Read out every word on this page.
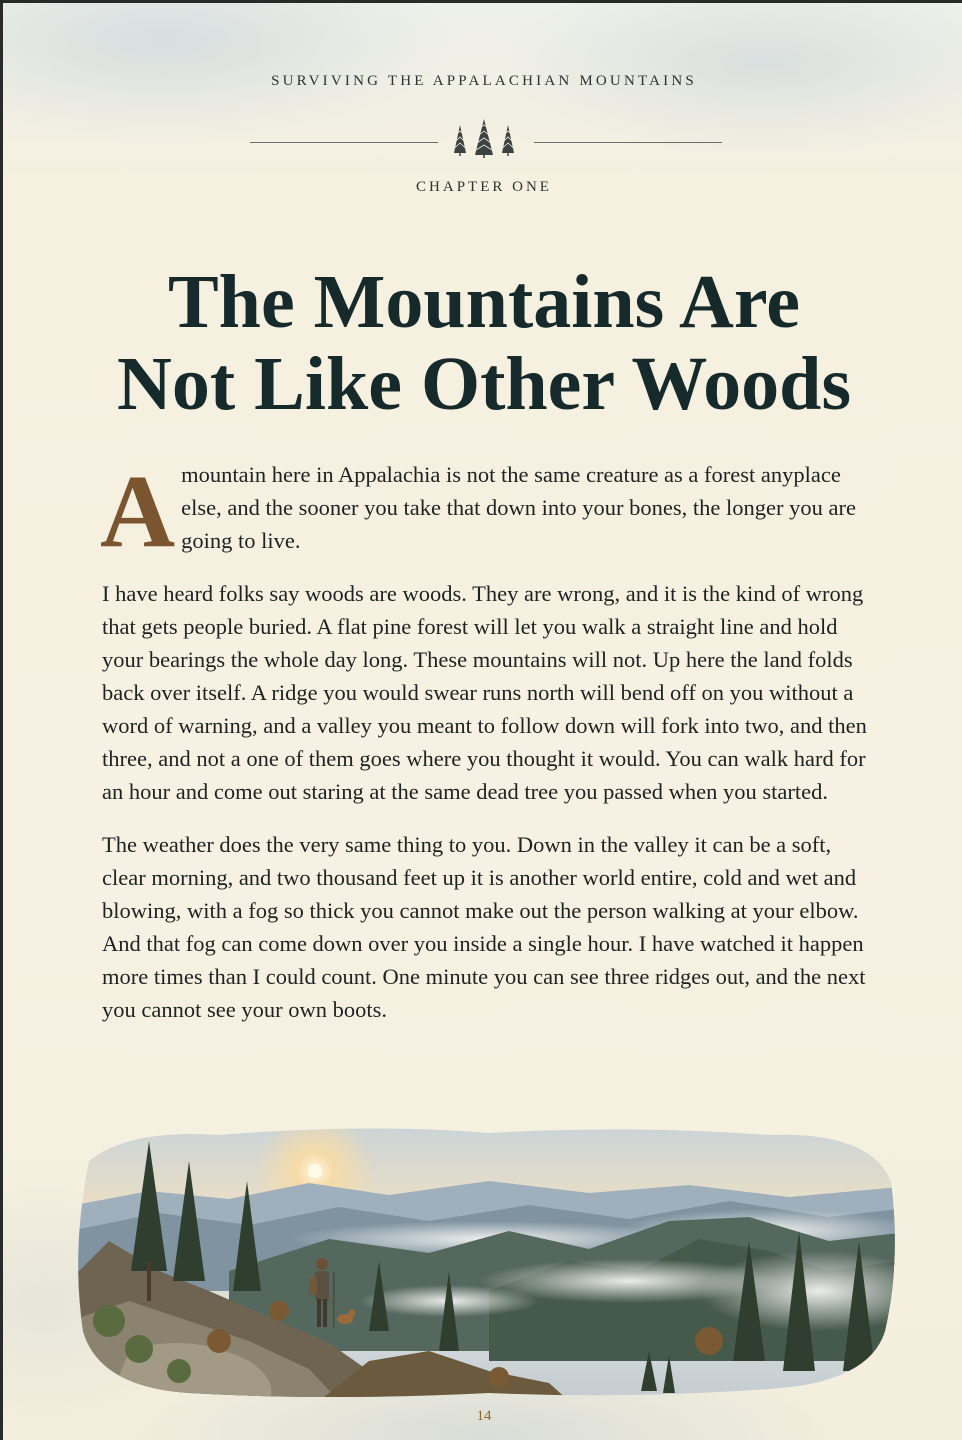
SURVIVING THE APPALACHIAN MOUNTAINS
CHAPTER ONE
The Mountains Are
Not Like Other Woods

Amountain here in Appalachia is not the same creature as a forest anyplace else, and the sooner you take that down into your bones, the longer you are going to live.

I have heard folks say woods are woods. They are wrong, and it is the kind of wrong that gets people buried. A flat pine forest will let you walk a straight line and hold your bearings the whole day long. These mountains will not. Up here the land folds back over itself. A ridge you would swear runs north will bend off on you without a word of warning, and a valley you meant to follow down will fork into two, and then three, and not a one of them goes where you thought it would. You can walk hard for an hour and come out staring at the same dead tree you passed when you started.

The weather does the very same thing to you. Down in the valley it can be a soft, clear morning, and two thousand feet up it is another world entire, cold and wet and blowing, with a fog so thick you cannot make out the person walking at your elbow. And that fog can come down over you inside a single hour. I have watched it happen more times than I could count. One minute you can see three ridges out, and the next you cannot see your own boots.

14
